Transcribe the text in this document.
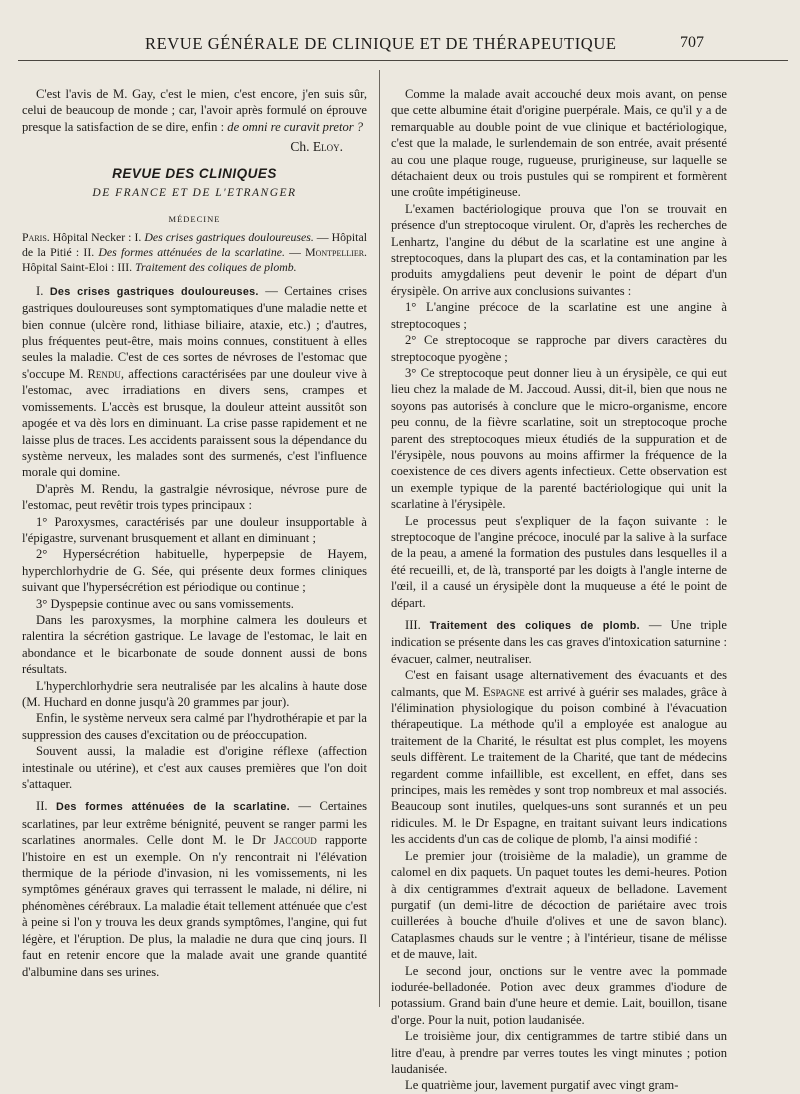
REVUE GÉNÉRALE DE CLINIQUE ET DE THÉRAPEUTIQUE	707

C'est l'avis de M. Gay, c'est le mien, c'est encore, j'en suis sûr, celui de beaucoup de monde ; car, l'avoir après formulé on éprouve presque la satisfaction de se dire, enfin : de omni re curavit pretor ?

Ch. Eloy.
REVUE DES CLINIQUES
DE FRANCE ET DE L'ETRANGER
MÉDECINE
Paris. Hôpital Necker : I. Des crises gastriques douloureuses. — Hôpital de la Pitié : II. Des formes atténuées de la scarlatine. — Montpellier. Hôpital Saint-Eloi : III. Traitement des coliques de plomb.

I. Des crises gastriques douloureuses. — Certaines crises gastriques douloureuses sont symptomatiques d'une maladie nette et bien connue (ulcère rond, lithiase biliaire, ataxie, etc.) ; d'autres, plus fréquentes peut-être, mais moins connues, constituent à elles seules la maladie. C'est de ces sortes de névroses de l'estomac que s'occupe M. Rendu, affections caractérisées par une douleur vive à l'estomac, avec irradiations en divers sens, crampes et vomissements. L'accès est brusque, la douleur atteint aussitôt son apogée et va dès lors en diminuant. La crise passe rapidement et ne laisse plus de traces. Les accidents paraissent sous la dépendance du système nerveux, les malades sont des surmenés, c'est l'influence morale qui domine.

D'après M. Rendu, la gastralgie névrosique, névrose pure de l'estomac, peut revêtir trois types principaux :

1° Paroxysmes, caractérisés par une douleur insupportable à l'épigastre, survenant brusquement et allant en diminuant ;

2° Hypersécrétion habituelle, hyperpepsie de Hayem, hyperchlorhydrie de G. Sée, qui présente deux formes cliniques suivant que l'hypersécrétion est périodique ou continue ;

3° Dyspepsie continue avec ou sans vomissements.

Dans les paroxysmes, la morphine calmera les douleurs et ralentira la sécrétion gastrique. Le lavage de l'estomac, le lait en abondance et le bicarbonate de soude donnent aussi de bons résultats.

L'hyperchlorhydrie sera neutralisée par les alcalins à haute dose (M. Huchard en donne jusqu'à 20 grammes par jour).

Enfin, le système nerveux sera calmé par l'hydrothérapie et par la suppression des causes d'excitation ou de préoccupation.

Souvent aussi, la maladie est d'origine réflexe (affection intestinale ou utérine), et c'est aux causes premières que l'on doit s'attaquer.

II. Des formes atténuées de la scarlatine. — Certaines scarlatines, par leur extrême bénignité, peuvent se ranger parmi les scarlatines anormales. Celle dont M. le Dr Jaccoud rapporte l'histoire en est un exemple. On n'y rencontrait ni l'élévation thermique de la période d'invasion, ni les vomissements, ni les symptômes généraux graves qui terrassent le malade, ni délire, ni phénomènes cérébraux. La maladie était tellement atténuée que c'est à peine si l'on y trouva les deux grands symptômes, l'angine, qui fut légère, et l'éruption. De plus, la maladie ne dura que cinq jours. Il faut en retenir encore que la malade avait une grande quantité d'albumine dans ses urines.

Comme la malade avait accouché deux mois avant, on pense que cette albumine était d'origine puerpérale. Mais, ce qu'il y a de remarquable au double point de vue clinique et bactériologique, c'est que la malade, le surlendemain de son entrée, avait présenté au cou une plaque rouge, rugueuse, prurigineuse, sur laquelle se détachaient deux ou trois pustules qui se rompirent et formèrent une croûte impétigineuse.

L'examen bactériologique prouva que l'on se trouvait en présence d'un streptocoque virulent. Or, d'après les recherches de Lenhartz, l'angine du début de la scarlatine est une angine à streptocoques, dans la plupart des cas, et la contamination par les produits amygdaliens peut devenir le point de départ d'un érysipèle. On arrive aux conclusions suivantes :

1° L'angine précoce de la scarlatine est une angine à streptocoques ;

2° Ce streptocoque se rapproche par divers caractères du streptocoque pyogène ;

3° Ce streptocoque peut donner lieu à un érysipèle, ce qui eut lieu chez la malade de M. Jaccoud. Aussi, dit-il, bien que nous ne soyons pas autorisés à conclure que le micro-organisme, encore peu connu, de la fièvre scarlatine, soit un streptocoque proche parent des streptocoques mieux étudiés de la suppuration et de l'érysipèle, nous pouvons au moins affirmer la fréquence de la coexistence de ces divers agents infectieux. Cette observation est un exemple typique de la parenté bactériologique qui unit la scarlatine à l'érysipèle.

Le processus peut s'expliquer de la façon suivante : le streptocoque de l'angine précoce, inoculé par la salive à la surface de la peau, a amené la formation des pustules dans lesquelles il a été recueilli, et, de là, transporté par les doigts à l'angle interne de l'œil, il a causé un érysipèle dont la muqueuse a été le point de départ.

III. Traitement des coliques de plomb. — Une triple indication se présente dans les cas graves d'intoxication saturnine : évacuer, calmer, neutraliser.

C'est en faisant usage alternativement des évacuants et des calmants, que M. Espagne est arrivé à guérir ses malades, grâce à l'élimination physiologique du poison combiné à l'évacuation thérapeutique. La méthode qu'il a employée est analogue au traitement de la Charité, le résultat est plus complet, les moyens seuls diffèrent. Le traitement de la Charité, que tant de médecins regardent comme infaillible, est excellent, en effet, dans ses principes, mais les remèdes y sont trop nombreux et mal associés. Beaucoup sont inutiles, quelques-uns sont surannés et un peu ridicules. M. le Dr Espagne, en traitant suivant leurs indications les accidents d'un cas de colique de plomb, l'a ainsi modifié :

Le premier jour (troisième de la maladie), un gramme de calomel en dix paquets. Un paquet toutes les demi-heures. Potion à dix centigrammes d'extrait aqueux de belladone. Lavement purgatif (un demi-litre de décoction de pariétaire avec trois cuillerées à bouche d'huile d'olives et une de savon blanc). Cataplasmes chauds sur le ventre ; à l'intérieur, tisane de mélisse et de mauve, lait.

Le second jour, onctions sur le ventre avec la pommade iodurée-belladonée. Potion avec deux grammes d'iodure de potassium. Grand bain d'une heure et demie. Lait, bouillon, tisane d'orge. Pour la nuit, potion laudanisée.

Le troisième jour, dix centigrammes de tartre stibié dans un litre d'eau, à prendre par verres toutes les vingt minutes ; potion laudanisée.

Le quatrième jour, lavement purgatif avec vingt gram-
